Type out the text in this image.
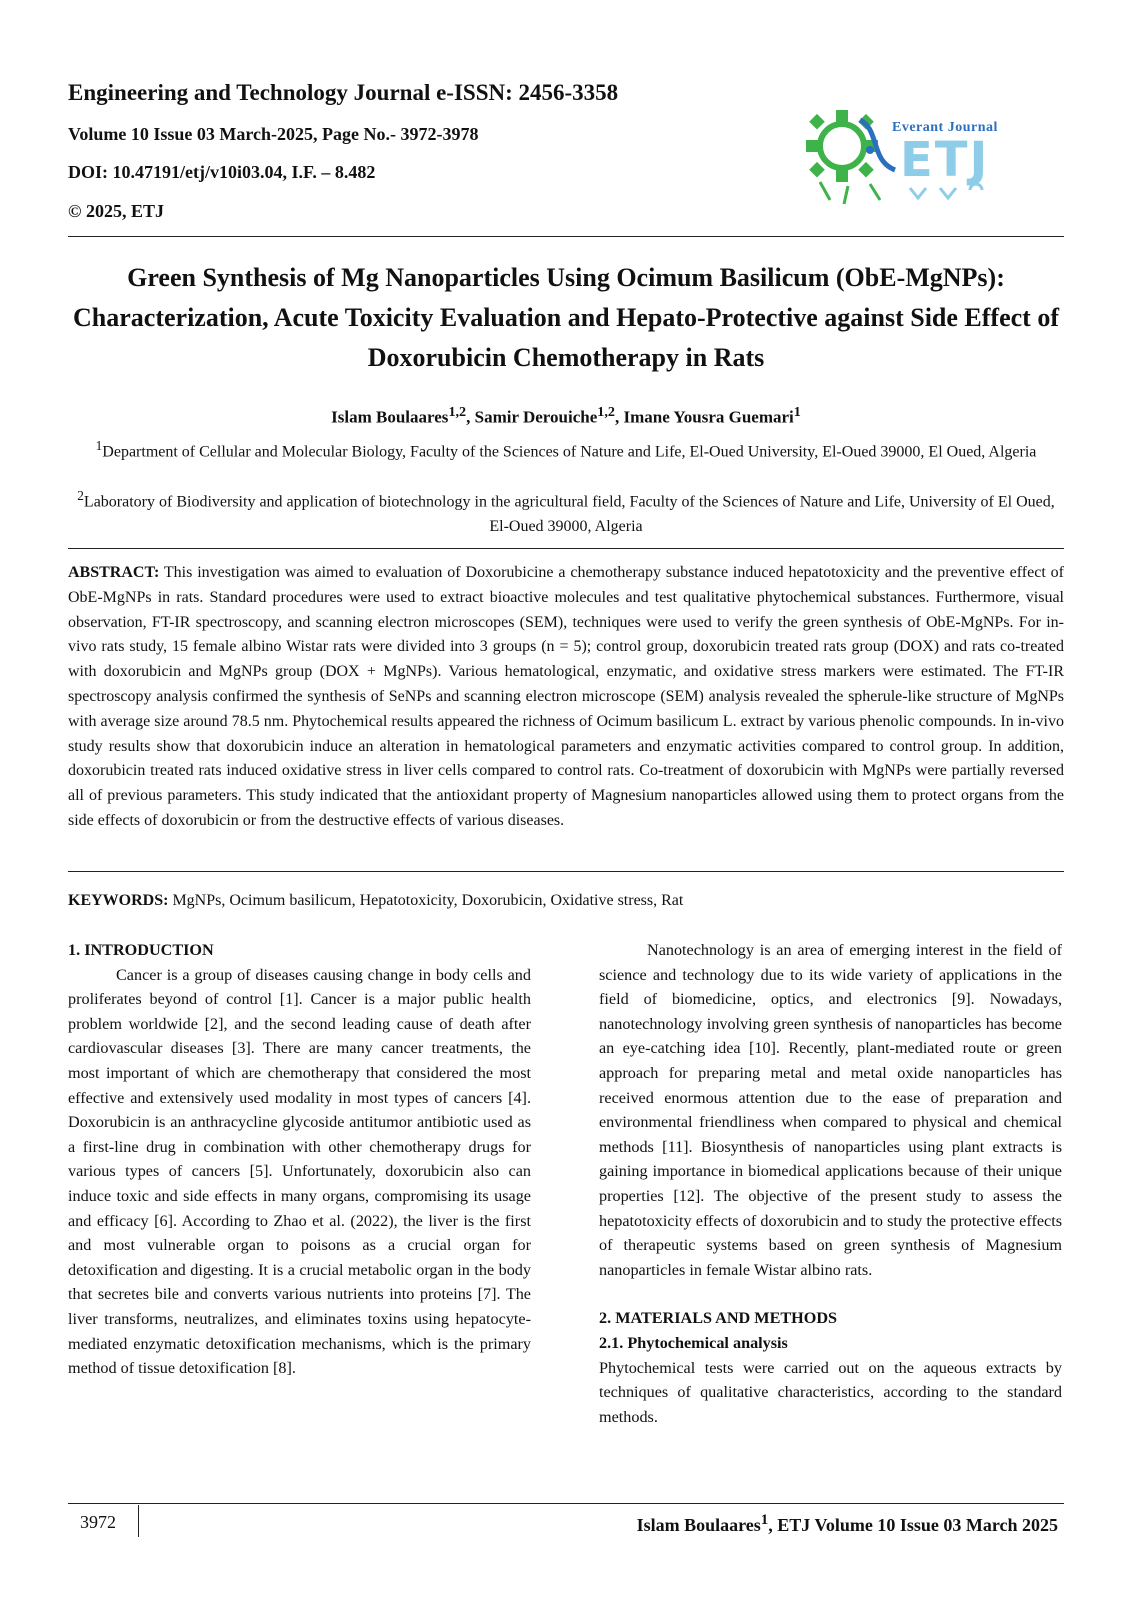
Engineering and Technology Journal e-ISSN: 2456-3358
Volume 10 Issue 03 March-2025, Page No.- 3972-3978
DOI: 10.47191/etj/v10i03.04, I.F. – 8.482
© 2025, ETJ
Everant Journal
ETJ
Green Synthesis of Mg Nanoparticles Using Ocimum Basilicum (ObE-MgNPs): Characterization, Acute Toxicity Evaluation and Hepato-Protective against Side Effect of Doxorubicin Chemotherapy in Rats
Islam Boulaares$^{1,2}$, Samir Derouiche$^{1,2}$, Imane Yousra Guemari$^1$
$^1$Department of Cellular and Molecular Biology, Faculty of the Sciences of Nature and Life, El-Oued University, El-Oued 39000, El Oued, Algeria
$^2$Laboratory of Biodiversity and application of biotechnology in the agricultural field, Faculty of the Sciences of Nature and Life, University of El Oued, El-Oued 39000, Algeria
ABSTRACT: This investigation was aimed to evaluation of Doxorubicine a chemotherapy substance induced hepatotoxicity and the preventive effect of ObE-MgNPs in rats. Standard procedures were used to extract bioactive molecules and test qualitative phytochemical substances. Furthermore, visual observation, FT-IR spectroscopy, and scanning electron microscopes (SEM), techniques were used to verify the green synthesis of ObE-MgNPs. For in-vivo rats study, 15 female albino Wistar rats were divided into 3 groups (n = 5); control group, doxorubicin treated rats group (DOX) and rats co-treated with doxorubicin and MgNPs group (DOX + MgNPs). Various hematological, enzymatic, and oxidative stress markers were estimated. The FT-IR spectroscopy analysis confirmed the synthesis of SeNPs and scanning electron microscope (SEM) analysis revealed the spherule-like structure of MgNPs with average size around 78.5 nm. Phytochemical results appeared the richness of Ocimum basilicum L. extract by various phenolic compounds. In in-vivo study results show that doxorubicin induce an alteration in hematological parameters and enzymatic activities compared to control group. In addition, doxorubicin treated rats induced oxidative stress in liver cells compared to control rats. Co-treatment of doxorubicin with MgNPs were partially reversed all of previous parameters. This study indicated that the antioxidant property of Magnesium nanoparticles allowed using them to protect organs from the side effects of doxorubicin or from the destructive effects of various diseases.
KEYWORDS: MgNPs, Ocimum basilicum, Hepatotoxicity, Doxorubicin, Oxidative stress, Rat

1. INTRODUCTION

Cancer is a group of diseases causing change in body cells and proliferates beyond of control [1]. Cancer is a major public health problem worldwide [2], and the second leading cause of death after cardiovascular diseases [3]. There are many cancer treatments, the most important of which are chemotherapy that considered the most effective and extensively used modality in most types of cancers [4]. Doxorubicin is an anthracycline glycoside antitumor antibiotic used as a first-line drug in combination with other chemotherapy drugs for various types of cancers [5]. Unfortunately, doxorubicin also can induce toxic and side effects in many organs, compromising its usage and efficacy [6]. According to Zhao et al. (2022), the liver is the first and most vulnerable organ to poisons as a crucial organ for detoxification and digesting. It is a crucial metabolic organ in the body that secretes bile and converts various nutrients into proteins [7]. The liver transforms, neutralizes, and eliminates toxins using hepatocyte-mediated enzymatic detoxification mechanisms, which is the primary method of tissue detoxification [8].

Nanotechnology is an area of emerging interest in the field of science and technology due to its wide variety of applications in the field of biomedicine, optics, and electronics [9]. Nowadays, nanotechnology involving green synthesis of nanoparticles has become an eye-catching idea [10]. Recently, plant-mediated route or green approach for preparing metal and metal oxide nanoparticles has received enormous attention due to the ease of preparation and environmental friendliness when compared to physical and chemical methods [11]. Biosynthesis of nanoparticles using plant extracts is gaining importance in biomedical applications because of their unique properties [12]. The objective of the present study to assess the hepatotoxicity effects of doxorubicin and to study the protective effects of therapeutic systems based on green synthesis of Magnesium nanoparticles in female Wistar albino rats.

2. MATERIALS AND METHODS

2.1. Phytochemical analysis

Phytochemical tests were carried out on the aqueous extracts by techniques of qualitative characteristics, according to the standard methods.

3972	Islam Boulaares$^1$, ETJ Volume 10 Issue 03 March 2025
